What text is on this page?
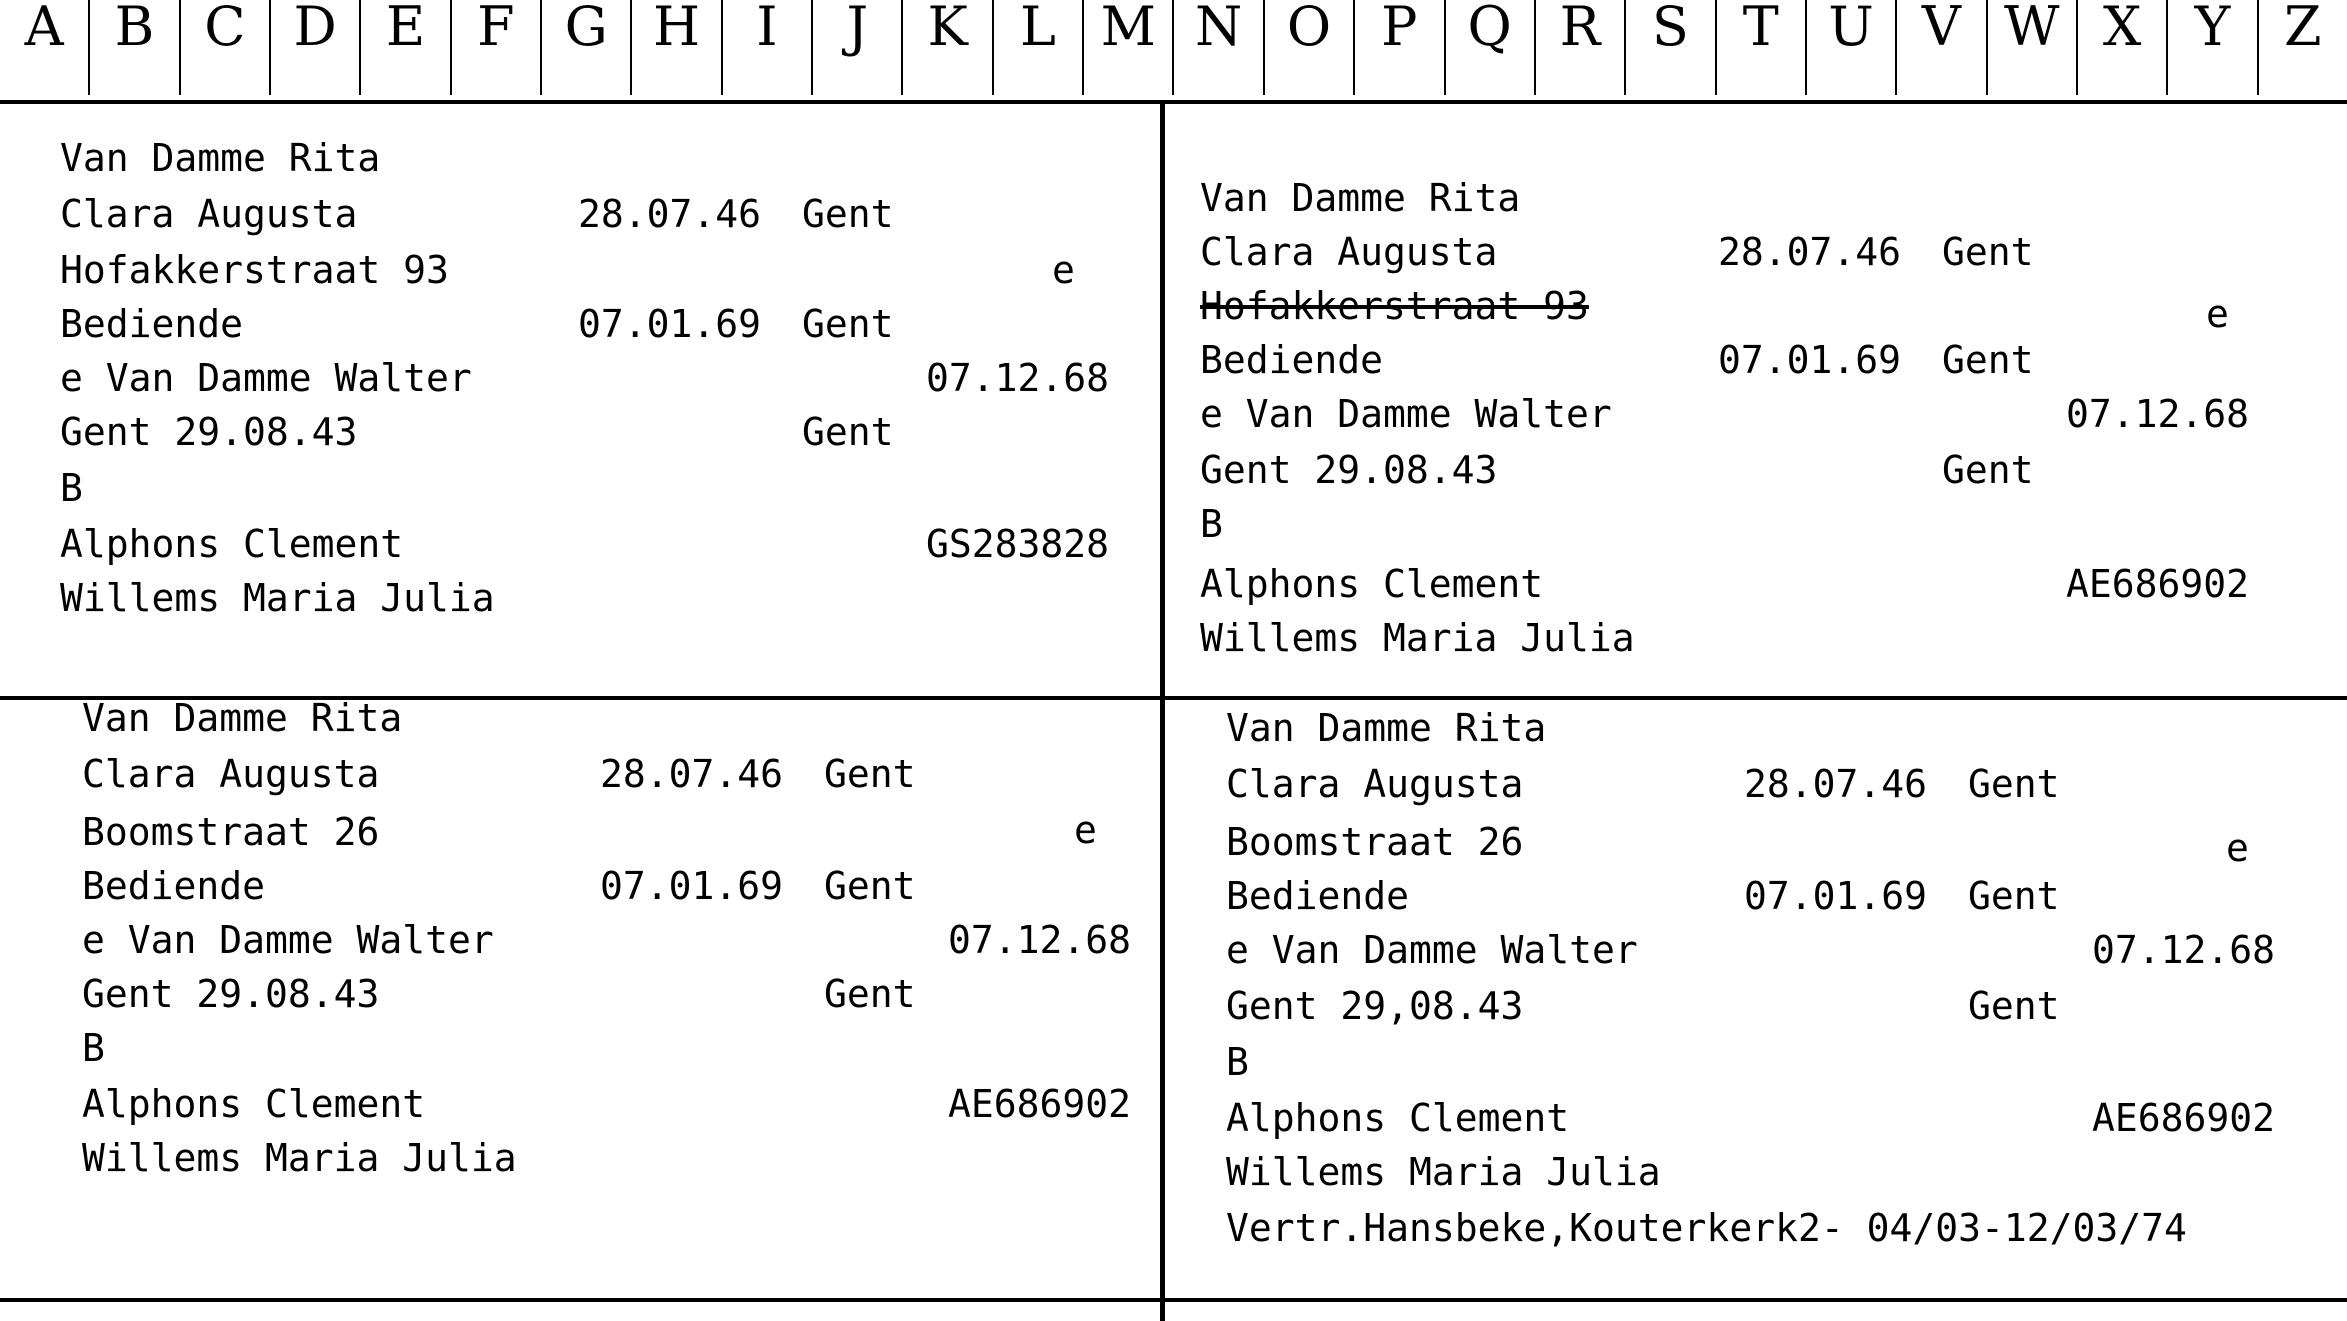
A B C D E F G H	I	J	K L M N O P Q R S T U V W X Y Z
Van Damme Rita
Clara Augusta	28.07.46 Gent
Hofakkerstraat 93	e
Bediende	07.01.69 Gent
e Van Damme Walter	07.12.68
Gent 29.08.43	Gent
B
Alphons Clement	GS283828
Willems Maria Julia
Van Damme Rita
Clara Augusta	28.07.46 Gent
Hofakkerstraat 93	e
Bediende	07.01.69 Gent
e Van Damme Walter	07.12.68
Gent 29.08.43	Gent
B
Alphons Clement	AE686902
Willems Maria Julia
Van Damme Rita
Clara Augusta	28.07.46 Gent
Boomstraat 26	e
Bediende	07.01.69 Gent
e Van Damme Walter	07.12.68
Gent 29.08.43	Gent
B
Alphons Clement	AE686902
Willems Maria Julia
Van Damme Rita
Clara Augusta	28.07.46 Gent
Boomstraat 26	e
Bediende	07.01.69 Gent
e Van Damme Walter	07.12.68
Gent 29,08.43	Gent
B
Alphons Clement	AE686902
Willems Maria Julia
Vertr.Hansbeke,Kouterkerk2- 04/03-12/03/74
